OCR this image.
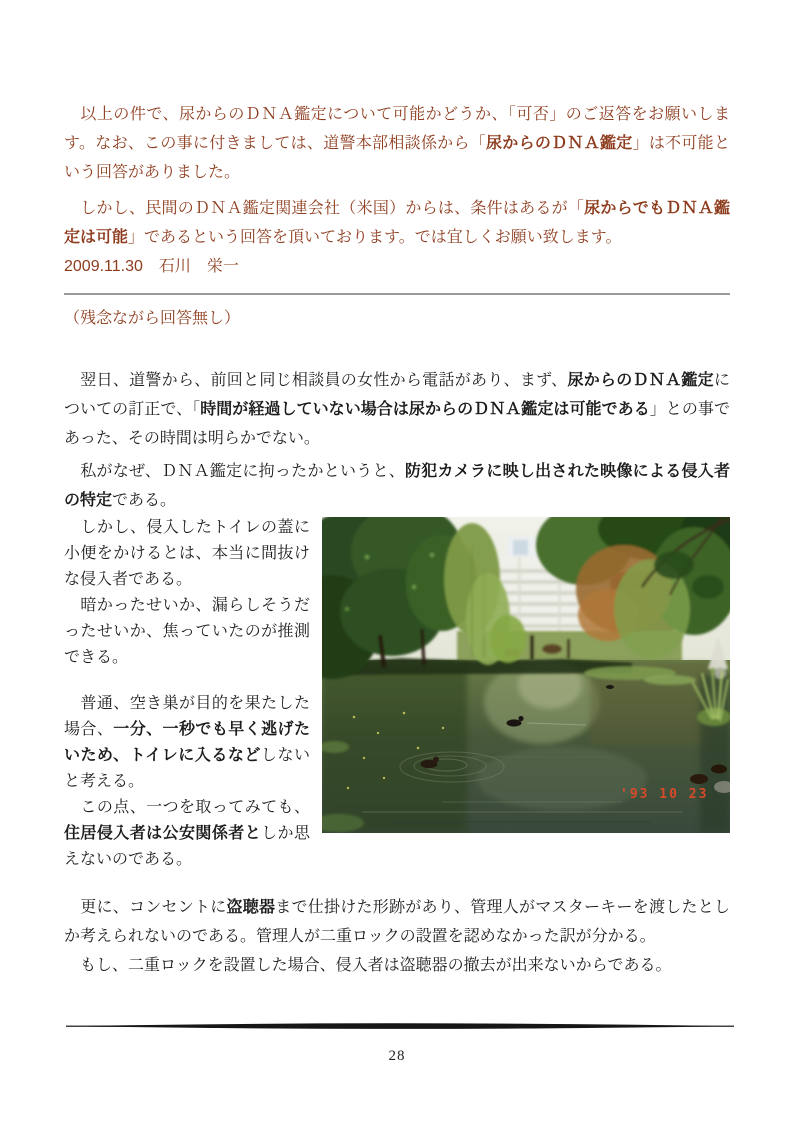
　以上の件で、尿からのＤＮＡ鑑定について可能かどうか、「可否」のご返答をお願いします。なお、この事に付きましては、道警本部相談係から「尿からのＤＮＡ鑑定」は不可能という回答がありました。

　しかし、民間のＤＮＡ鑑定関連会社（米国）からは、条件はあるが「尿からでもＤＮＡ鑑定は可能」であるという回答を頂いております。では宜しくお願い致します。

2009.11.30　石川　栄一

（残念ながら回答無し）

　翌日、道警から、前回と同じ相談員の女性から電話があり、まず、尿からのＤＮＡ鑑定についての訂正で、「時間が経過していない場合は尿からのＤＮＡ鑑定は可能である」との事であった、その時間は明らかでない。

　私がなぜ、ＤＮＡ鑑定に拘ったかというと、防犯カメラに映し出された映像による侵入者の特定である。

'93 10 23

　しかし、侵入したトイレの蓋に小便をかけるとは、本当に間抜けな侵入者である。

　暗かったせいか、漏らしそうだったせいか、焦っていたのが推測できる。

　普通、空き巣が目的を果たした場合、一分、一秒でも早く逃げたいため、トイレに入るなどしないと考える。

　この点、一つを取ってみても、住居侵入者は公安関係者としか思えないのである。

　更に、コンセントに盗聴器まで仕掛けた形跡があり、管理人がマスターキーを渡したとしか考えられないのである。管理人が二重ロックの設置を認めなかった訳が分かる。

　もし、二重ロックを設置した場合、侵入者は盗聴器の撤去が出来ないからである。

28
